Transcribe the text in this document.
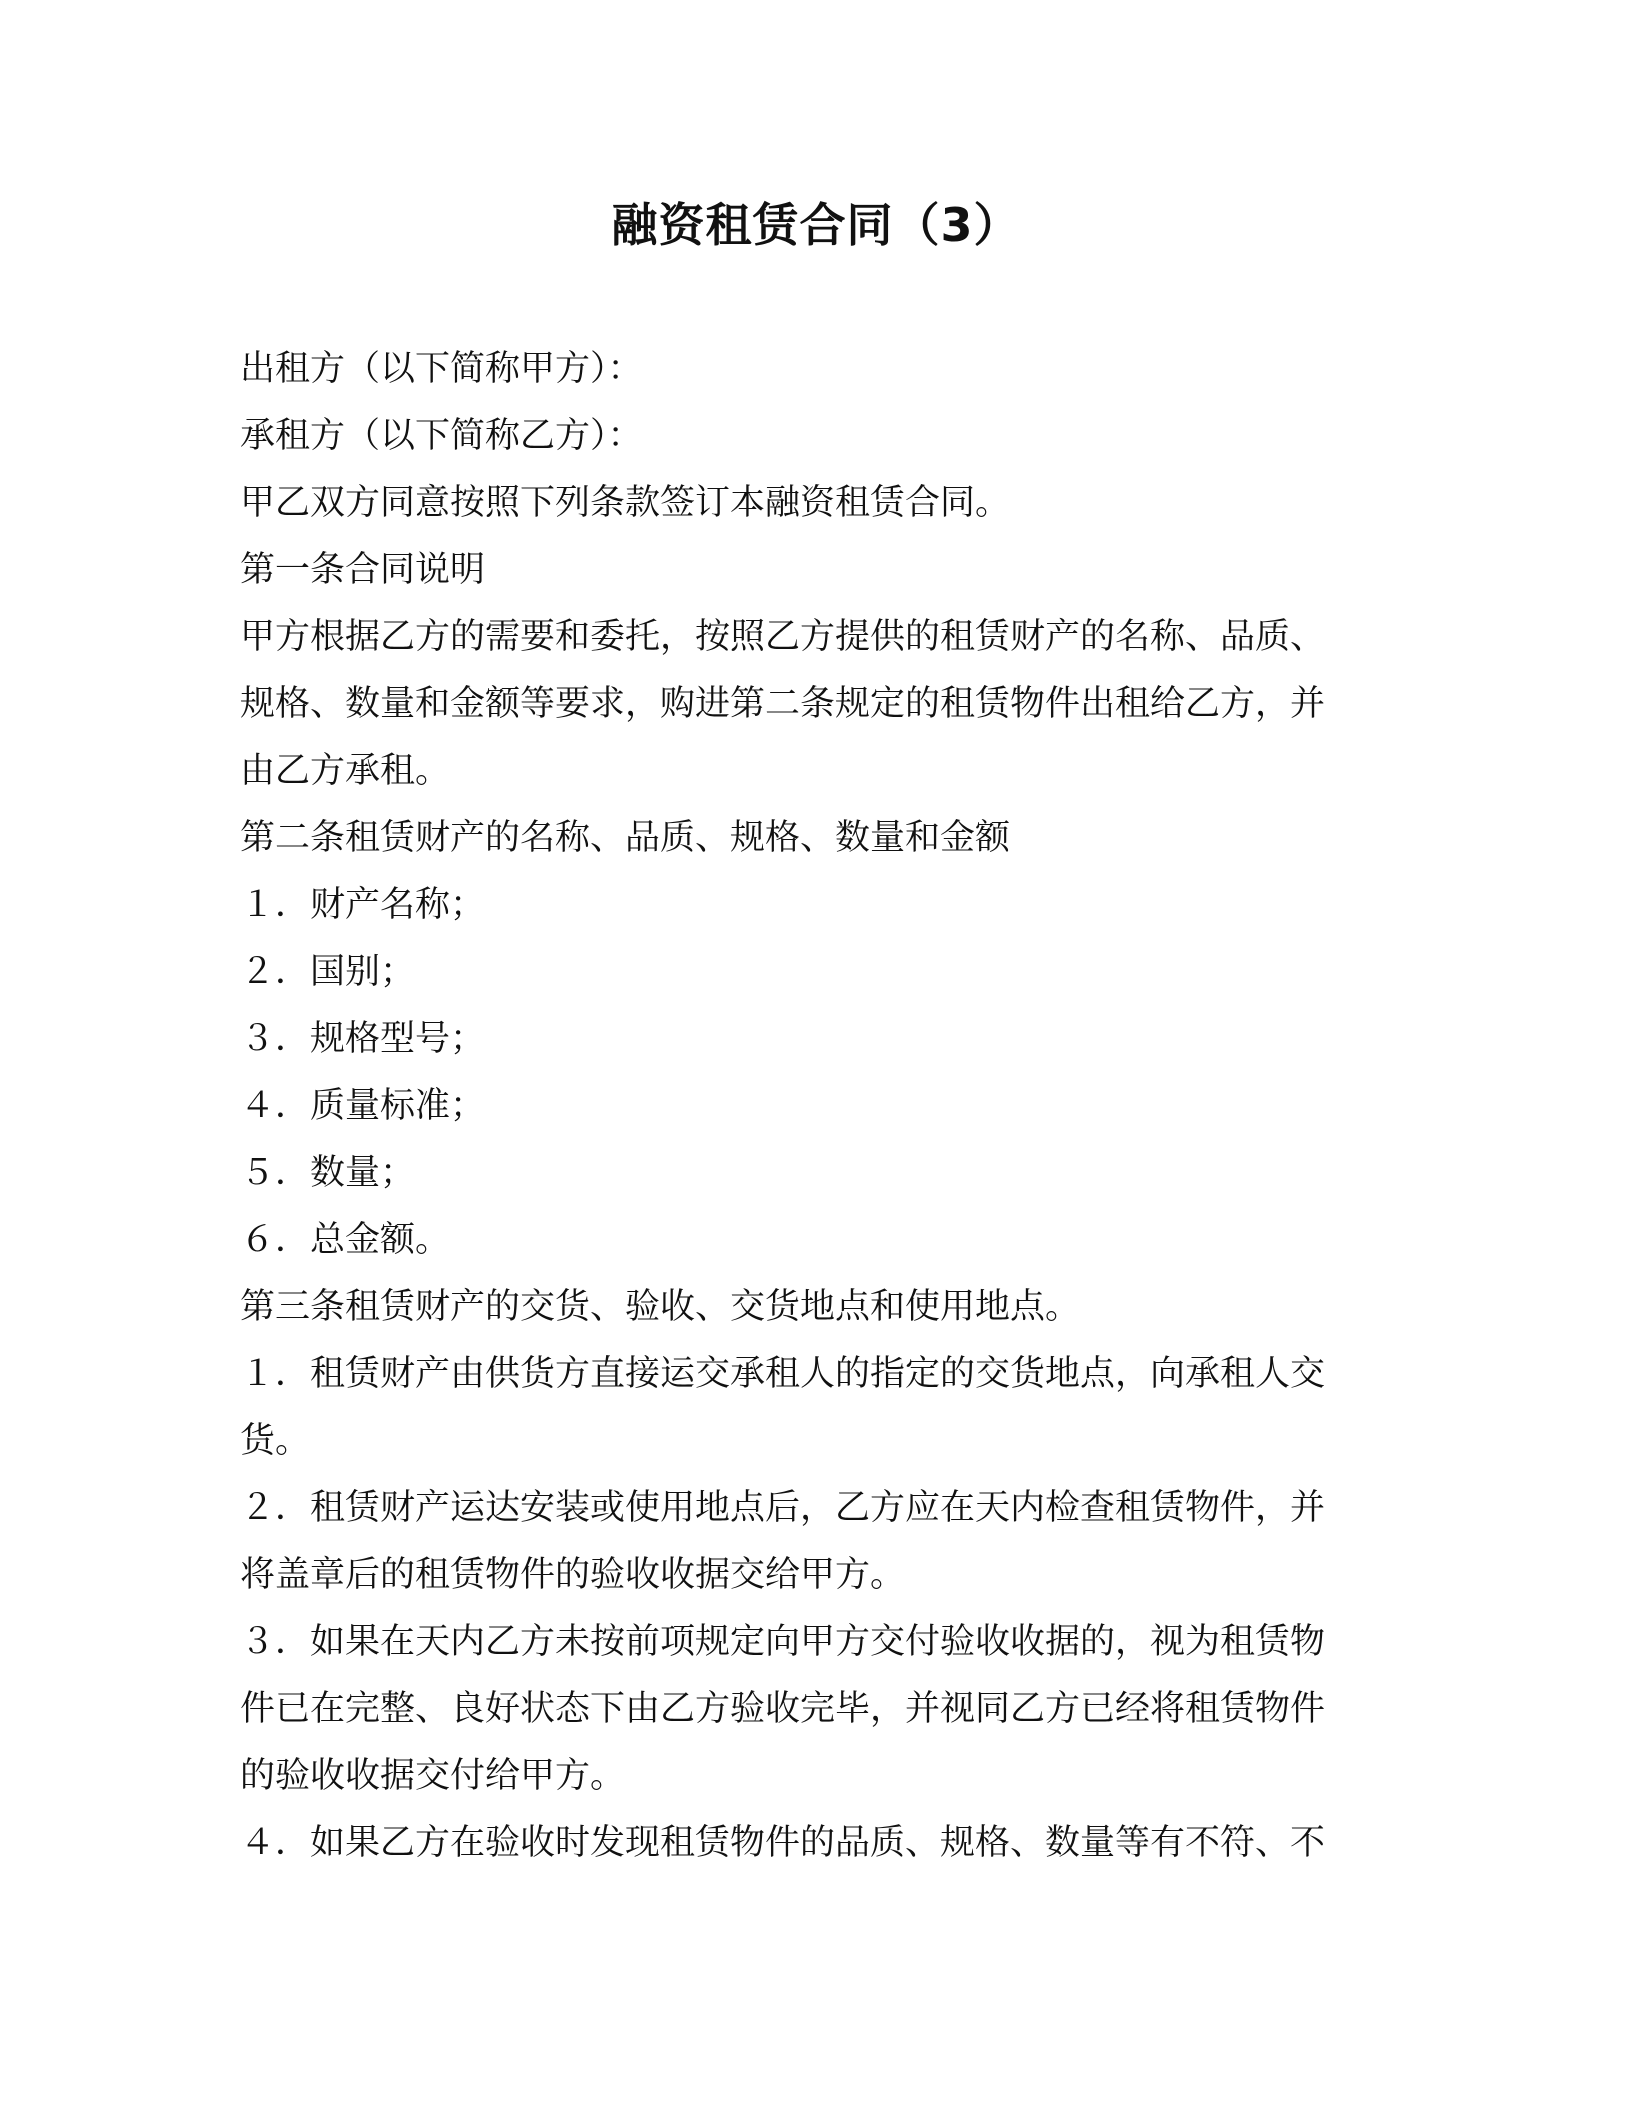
融资租赁合同（3）
出租方（以下简称甲方）：
承租方（以下简称乙方）：
甲乙双方同意按照下列条款签订本融资租赁合同。
第一条合同说明
甲方根据乙方的需要和委托，按照乙方提供的租赁财产的名称、品质、
规格、数量和金额等要求，购进第二条规定的租赁物件出租给乙方，并
由乙方承租。
第二条租赁财产的名称、品质、规格、数量和金额
１．财产名称；
２．国别；
３．规格型号；
４．质量标准；
５．数量；
６．总金额。
第三条租赁财产的交货、验收、交货地点和使用地点。
１．租赁财产由供货方直接运交承租人的指定的交货地点，向承租人交
货。
２．租赁财产运达安装或使用地点后，乙方应在天内检查租赁物件，并
将盖章后的租赁物件的验收收据交给甲方。
３．如果在天内乙方未按前项规定向甲方交付验收收据的，视为租赁物
件已在完整、良好状态下由乙方验收完毕，并视同乙方已经将租赁物件
的验收收据交付给甲方。
４．如果乙方在验收时发现租赁物件的品质、规格、数量等有不符、不
